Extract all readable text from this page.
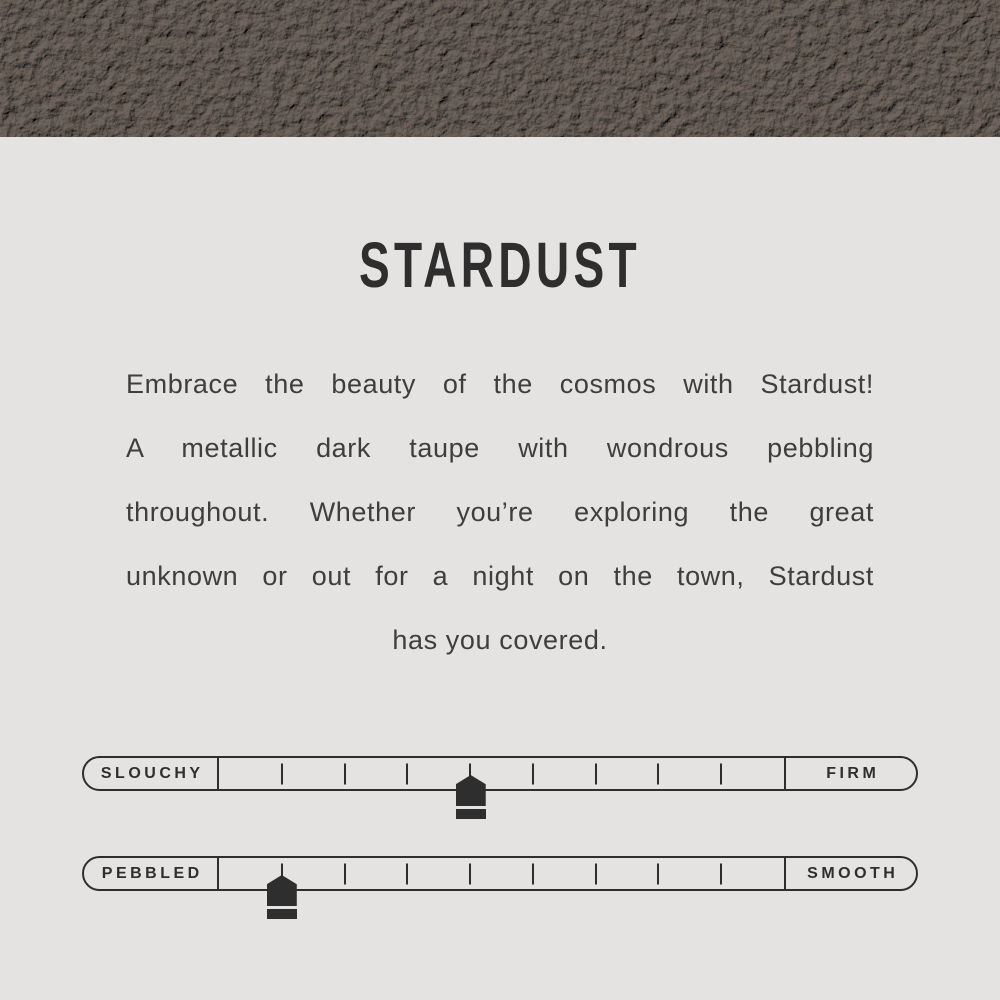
STARDUST
Embrace the beauty of the cosmos with Stardust!
A metallic dark taupe with wondrous pebbling
throughout. Whether you’re exploring the great
unknown or out for a night on the town, Stardust
has you covered.
SLOUCHY	FIRM
PEBBLED	SMOOTH
